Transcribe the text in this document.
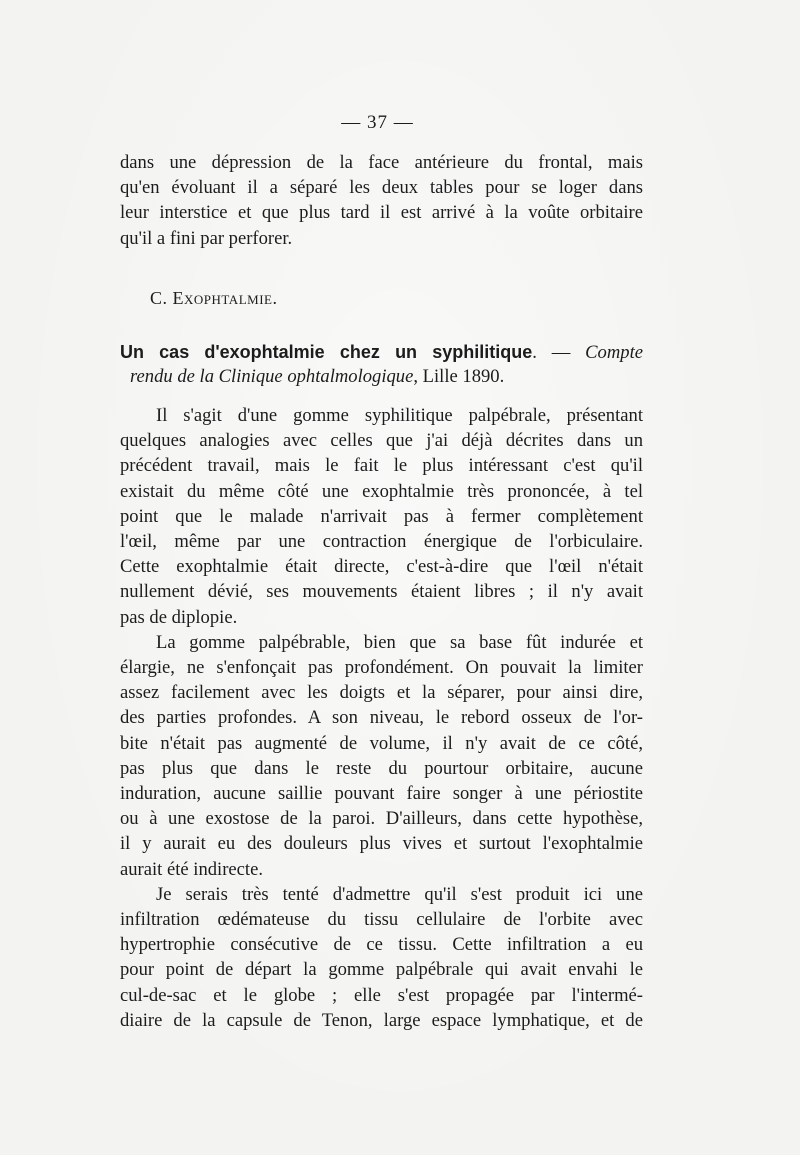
— 37 —
dans une dépression de la face antérieure du frontal, mais
qu'en évoluant il a séparé les deux tables pour se loger dans
leur interstice et que plus tard il est arrivé à la voûte orbitaire
qu'il a fini par perforer.
C. Exophtalmie.
Un cas d'exophtalmie chez un syphilitique. — Compte
rendu de la Clinique ophtalmologique, Lille 1890.

Il s'agit d'une gomme syphilitique palpébrale, présentant
quelques analogies avec celles que j'ai déjà décrites dans un
précédent travail, mais le fait le plus intéressant c'est qu'il
existait du même côté une exophtalmie très prononcée, à tel
point que le malade n'arrivait pas à fermer complètement
l'œil, même par une contraction énergique de l'orbiculaire.
Cette exophtalmie était directe, c'est-à-dire que l'œil n'était
nullement dévié, ses mouvements étaient libres ; il n'y avait
pas de diplopie.

La gomme palpébrable, bien que sa base fût indurée et
élargie, ne s'enfonçait pas profondément. On pouvait la limiter
assez facilement avec les doigts et la séparer, pour ainsi dire,
des parties profondes. A son niveau, le rebord osseux de l'or-
bite n'était pas augmenté de volume, il n'y avait de ce côté,
pas plus que dans le reste du pourtour orbitaire, aucune
induration, aucune saillie pouvant faire songer à une périostite
ou à une exostose de la paroi. D'ailleurs, dans cette hypothèse,
il y aurait eu des douleurs plus vives et surtout l'exophtalmie
aurait été indirecte.

Je serais très tenté d'admettre qu'il s'est produit ici une
infiltration œdémateuse du tissu cellulaire de l'orbite avec
hypertrophie consécutive de ce tissu. Cette infiltration a eu
pour point de départ la gomme palpébrale qui avait envahi le
cul-de-sac et le globe ; elle s'est propagée par l'intermé-
diaire de la capsule de Tenon, large espace lymphatique, et de
